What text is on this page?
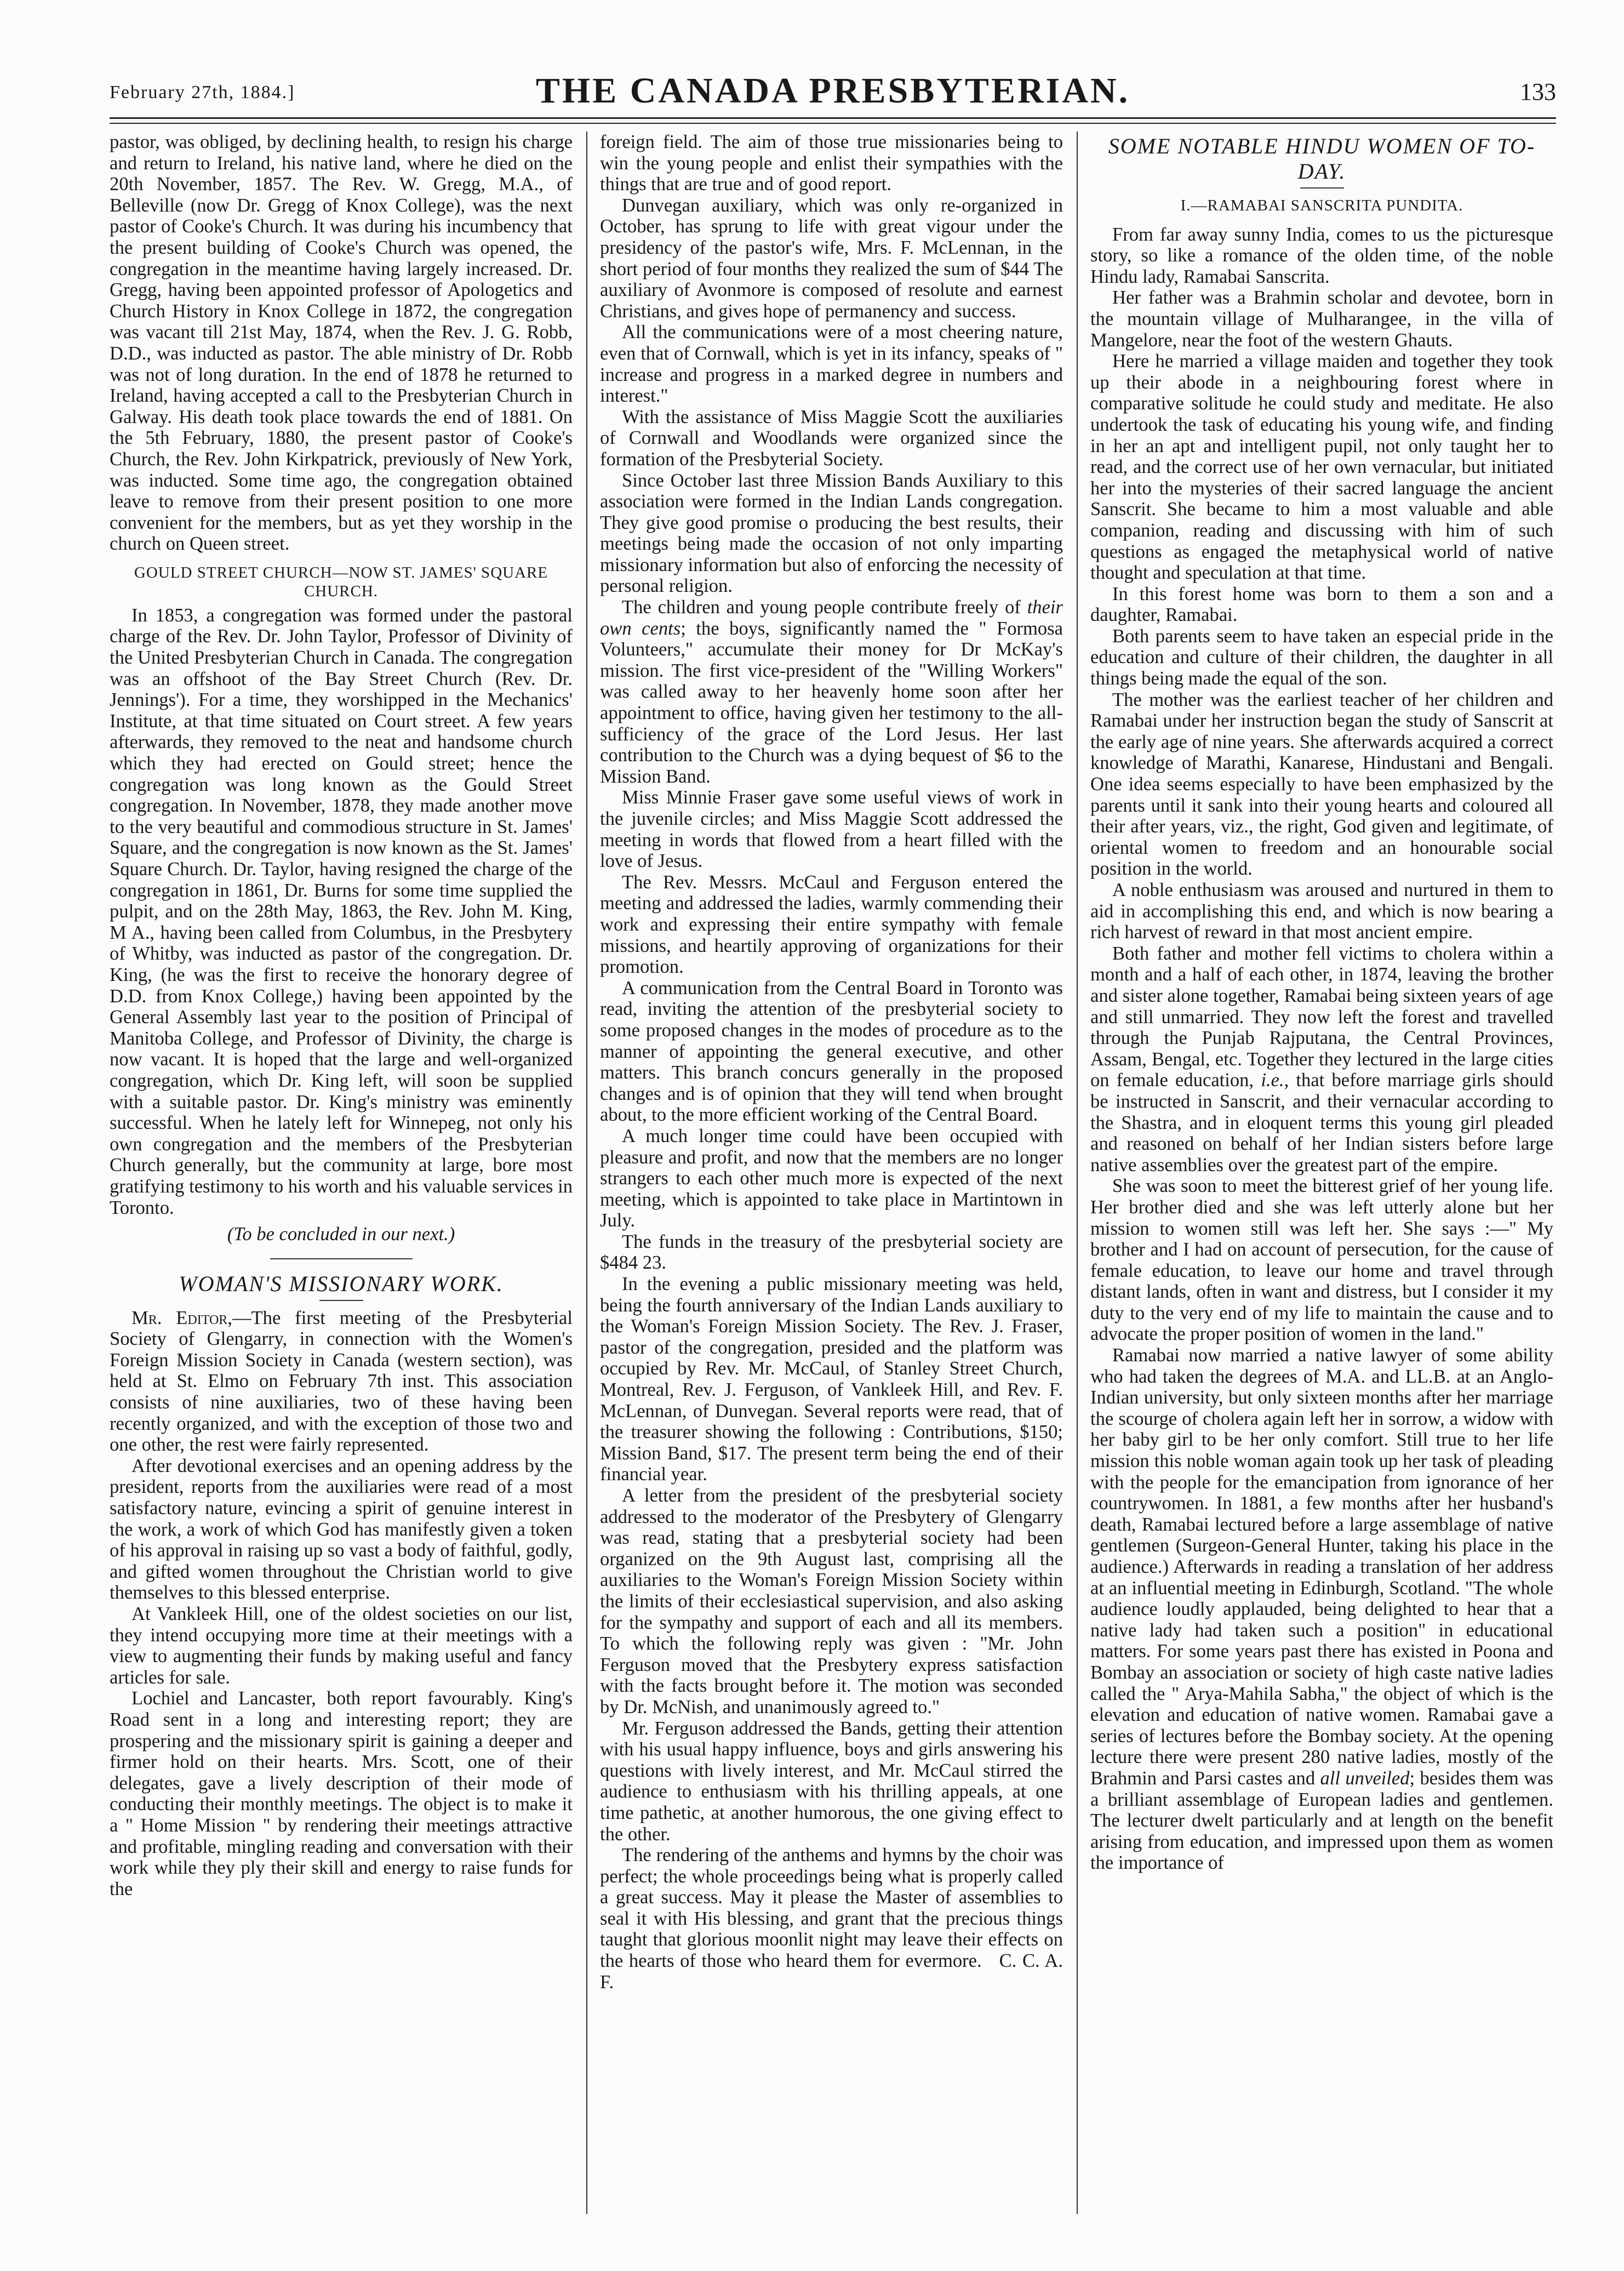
February 27th, 1884.]	THE CANADA PRESBYTERIAN.	133

pastor, was obliged, by declining health, to resign his charge and return to Ireland, his native land, where he died on the 20th November, 1857. The Rev. W. Gregg, M.A., of Belleville (now Dr. Gregg of Knox College), was the next pastor of Cooke's Church. It was during his incumbency that the present building of Cooke's Church was opened, the congregation in the meantime having largely increased. Dr. Gregg, having been appointed professor of Apologetics and Church History in Knox College in 1872, the congregation was vacant till 21st May, 1874, when the Rev. J. G. Robb, D.D., was inducted as pastor. The able ministry of Dr. Robb was not of long duration. In the end of 1878 he returned to Ireland, having accepted a call to the Presbyterian Church in Galway. His death took place towards the end of 1881. On the 5th February, 1880, the present pastor of Cooke's Church, the Rev. John Kirkpatrick, previously of New York, was inducted. Some time ago, the congregation obtained leave to remove from their present position to one more convenient for the members, but as yet they worship in the church on Queen street.

GOULD STREET CHURCH—NOW ST. JAMES' SQUARE CHURCH.

In 1853, a congregation was formed under the pastoral charge of the Rev. Dr. John Taylor, Professor of Divinity of the United Presbyterian Church in Canada. The congregation was an offshoot of the Bay Street Church (Rev. Dr. Jennings'). For a time, they worshipped in the Mechanics' Institute, at that time situated on Court street. A few years afterwards, they removed to the neat and handsome church which they had erected on Gould street; hence the congregation was long known as the Gould Street congregation. In November, 1878, they made another move to the very beautiful and commodious structure in St. James' Square, and the congregation is now known as the St. James' Square Church. Dr. Taylor, having resigned the charge of the congregation in 1861, Dr. Burns for some time supplied the pulpit, and on the 28th May, 1863, the Rev. John M. King, M A., having been called from Columbus, in the Presbytery of Whitby, was inducted as pastor of the congregation. Dr. King, (he was the first to receive the honorary degree of D.D. from Knox College,) having been appointed by the General Assembly last year to the position of Principal of Manitoba College, and Professor of Divinity, the charge is now vacant. It is hoped that the large and well-organized congregation, which Dr. King left, will soon be supplied with a suitable pastor. Dr. King's ministry was eminently successful. When he lately left for Winnepeg, not only his own congregation and the members of the Presbyterian Church generally, but the community at large, bore most gratifying testimony to his worth and his valuable services in Toronto.

(To be concluded in our next.)
WOMAN'S MISSIONARY WORK.

Mr. Editor,—The first meeting of the Presbyterial Society of Glengarry, in connection with the Women's Foreign Mission Society in Canada (western section), was held at St. Elmo on February 7th inst. This association consists of nine auxiliaries, two of these having been recently organized, and with the exception of those two and one other, the rest were fairly represented.

After devotional exercises and an opening address by the president, reports from the auxiliaries were read of a most satisfactory nature, evincing a spirit of genuine interest in the work, a work of which God has manifestly given a token of his approval in raising up so vast a body of faithful, godly, and gifted women throughout the Christian world to give themselves to this blessed enterprise.

At Vankleek Hill, one of the oldest societies on our list, they intend occupying more time at their meetings with a view to augmenting their funds by making useful and fancy articles for sale.

Lochiel and Lancaster, both report favourably. King's Road sent in a long and interesting report; they are prospering and the missionary spirit is gaining a deeper and firmer hold on their hearts. Mrs. Scott, one of their delegates, gave a lively description of their mode of conducting their monthly meetings. The object is to make it a " Home Mission " by rendering their meetings attractive and profitable, mingling reading and conversation with their work while they ply their skill and energy to raise funds for the

foreign field. The aim of those true missionaries being to win the young people and enlist their sympathies with the things that are true and of good report.

Dunvegan auxiliary, which was only re-organized in October, has sprung to life with great vigour under the presidency of the pastor's wife, Mrs. F. McLennan, in the short period of four months they realized the sum of $44 The auxiliary of Avonmore is composed of resolute and earnest Christians, and gives hope of permanency and success.

All the communications were of a most cheering nature, even that of Cornwall, which is yet in its infancy, speaks of " increase and progress in a marked degree in numbers and interest."

With the assistance of Miss Maggie Scott the auxiliaries of Cornwall and Woodlands were organized since the formation of the Presbyterial Society.

Since October last three Mission Bands Auxiliary to this association were formed in the Indian Lands congregation. They give good promise o producing the best results, their meetings being made the occasion of not only imparting missionary information but also of enforcing the necessity of personal religion.

The children and young people contribute freely of their own cents; the boys, significantly named the " Formosa Volunteers," accumulate their money for Dr McKay's mission. The first vice-president of the "Willing Workers" was called away to her heavenly home soon after her appointment to office, having given her testimony to the all-sufficiency of the grace of the Lord Jesus. Her last contribution to the Church was a dying bequest of $6 to the Mission Band.

Miss Minnie Fraser gave some useful views of work in the juvenile circles; and Miss Maggie Scott addressed the meeting in words that flowed from a heart filled with the love of Jesus.

The Rev. Messrs. McCaul and Ferguson entered the meeting and addressed the ladies, warmly commending their work and expressing their entire sympathy with female missions, and heartily approving of organizations for their promotion.

A communication from the Central Board in Toronto was read, inviting the attention of the presbyterial society to some proposed changes in the modes of procedure as to the manner of appointing the general executive, and other matters. This branch concurs generally in the proposed changes and is of opinion that they will tend when brought about, to the more efficient working of the Central Board.

A much longer time could have been occupied with pleasure and profit, and now that the members are no longer strangers to each other much more is expected of the next meeting, which is appointed to take place in Martintown in July.

The funds in the treasury of the presbyterial society are $484 23.

In the evening a public missionary meeting was held, being the fourth anniversary of the Indian Lands auxiliary to the Woman's Foreign Mission Society. The Rev. J. Fraser, pastor of the congregation, presided and the platform was occupied by Rev. Mr. McCaul, of Stanley Street Church, Montreal, Rev. J. Ferguson, of Vankleek Hill, and Rev. F. McLennan, of Dunvegan. Several reports were read, that of the treasurer showing the following : Contributions, $150; Mission Band, $17. The present term being the end of their financial year.

A letter from the president of the presbyterial society addressed to the moderator of the Presbytery of Glengarry was read, stating that a presbyterial society had been organized on the 9th August last, comprising all the auxiliaries to the Woman's Foreign Mission Society within the limits of their ecclesiastical supervision, and also asking for the sympathy and support of each and all its members. To which the following reply was given : "Mr. John Ferguson moved that the Presbytery express satisfaction with the facts brought before it. The motion was seconded by Dr. McNish, and unanimously agreed to."

Mr. Ferguson addressed the Bands, getting their attention with his usual happy influence, boys and girls answering his questions with lively interest, and Mr. McCaul stirred the audience to enthusiasm with his thrilling appeals, at one time pathetic, at another humorous, the one giving effect to the other.

The rendering of the anthems and hymns by the choir was perfect; the whole proceedings being what is properly called a great success. May it please the Master of assemblies to seal it with His blessing, and grant that the precious things taught that glorious moonlit night may leave their effects on the hearts of those who heard them for evermore. C. C. A. F.

SOME NOTABLE HINDU WOMEN OF TO-DAY.
I.—RAMABAI SANSCRITA PUNDITA.

From far away sunny India, comes to us the picturesque story, so like a romance of the olden time, of the noble Hindu lady, Ramabai Sanscrita.

Her father was a Brahmin scholar and devotee, born in the mountain village of Mulharangee, in the villa of Mangelore, near the foot of the western Ghauts.

Here he married a village maiden and together they took up their abode in a neighbouring forest where in comparative solitude he could study and meditate. He also undertook the task of educating his young wife, and finding in her an apt and intelligent pupil, not only taught her to read, and the correct use of her own vernacular, but initiated her into the mysteries of their sacred language the ancient Sanscrit. She became to him a most valuable and able companion, reading and discussing with him of such questions as engaged the metaphysical world of native thought and speculation at that time.

In this forest home was born to them a son and a daughter, Ramabai.

Both parents seem to have taken an especial pride in the education and culture of their children, the daughter in all things being made the equal of the son.

The mother was the earliest teacher of her children and Ramabai under her instruction began the study of Sanscrit at the early age of nine years. She afterwards acquired a correct knowledge of Marathi, Kanarese, Hindustani and Bengali. One idea seems especially to have been emphasized by the parents until it sank into their young hearts and coloured all their after years, viz., the right, God given and legitimate, of oriental women to freedom and an honourable social position in the world.

A noble enthusiasm was aroused and nurtured in them to aid in accomplishing this end, and which is now bearing a rich harvest of reward in that most ancient empire.

Both father and mother fell victims to cholera within a month and a half of each other, in 1874, leaving the brother and sister alone together, Ramabai being sixteen years of age and still unmarried. They now left the forest and travelled through the Punjab Rajputana, the Central Provinces, Assam, Bengal, etc. Together they lectured in the large cities on female education, i.e., that before marriage girls should be instructed in Sanscrit, and their vernacular according to the Shastra, and in eloquent terms this young girl pleaded and reasoned on behalf of her Indian sisters before large native assemblies over the greatest part of the empire.

She was soon to meet the bitterest grief of her young life. Her brother died and she was left utterly alone but her mission to women still was left her. She says :—" My brother and I had on account of persecution, for the cause of female education, to leave our home and travel through distant lands, often in want and distress, but I consider it my duty to the very end of my life to maintain the cause and to advocate the proper position of women in the land."

Ramabai now married a native lawyer of some ability who had taken the degrees of M.A. and LL.B. at an Anglo-Indian university, but only sixteen months after her marriage the scourge of cholera again left her in sorrow, a widow with her baby girl to be her only comfort. Still true to her life mission this noble woman again took up her task of pleading with the people for the emancipation from ignorance of her countrywomen. In 1881, a few months after her husband's death, Ramabai lectured before a large assemblage of native gentlemen (Surgeon-General Hunter, taking his place in the audience.) Afterwards in reading a translation of her address at an influential meeting in Edinburgh, Scotland. "The whole audience loudly applauded, being delighted to hear that a native lady had taken such a position" in educational matters. For some years past there has existed in Poona and Bombay an association or society of high caste native ladies called the " Arya-Mahila Sabha," the object of which is the elevation and education of native women. Ramabai gave a series of lectures before the Bombay society. At the opening lecture there were present 280 native ladies, mostly of the Brahmin and Parsi castes and all unveiled; besides them was a brilliant assemblage of European ladies and gentlemen. The lecturer dwelt particularly and at length on the benefit arising from education, and impressed upon them as women the importance of
